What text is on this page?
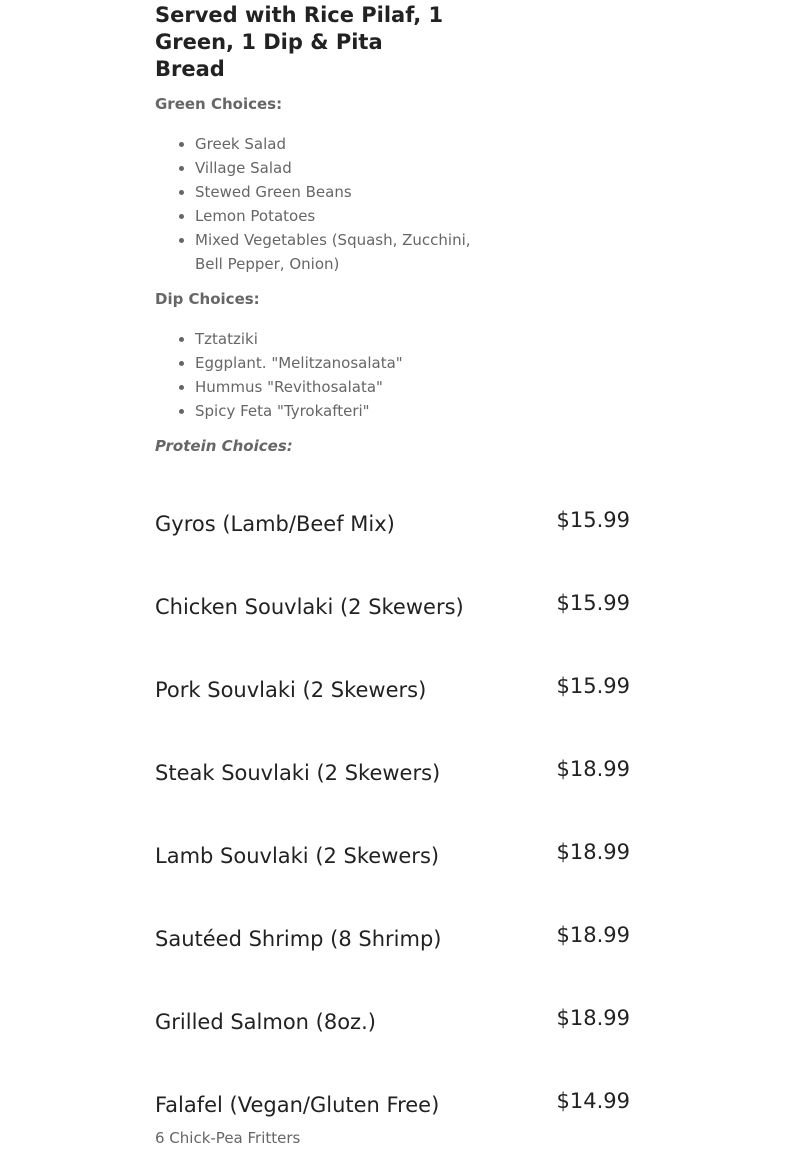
Served with Rice Pilaf, 1 Green, 1 Dip & Pita Bread

Green Choices:

• Greek Salad
• Village Salad
• Stewed Green Beans
• Lemon Potatoes
• Mixed Vegetables (Squash, Zucchini, Bell Pepper, Onion)

Dip Choices:

• Tztatziki
• Eggplant. "Melitzanosalata"
• Hummus "Revithosalata"
• Spicy Feta "Tyrokafteri"

Protein Choices:

Gyros (Lamb/Beef Mix)	$15.99
Chicken Souvlaki (2 Skewers)	$15.99
Pork Souvlaki (2 Skewers)	$15.99
Steak Souvlaki (2 Skewers)	$18.99
Lamb Souvlaki (2 Skewers)	$18.99
Sautéed Shrimp (8 Shrimp)	$18.99
Grilled Salmon (8oz.)	$18.99
Falafel (Vegan/Gluten Free)	$14.99
6 Chick-Pea Fritters
